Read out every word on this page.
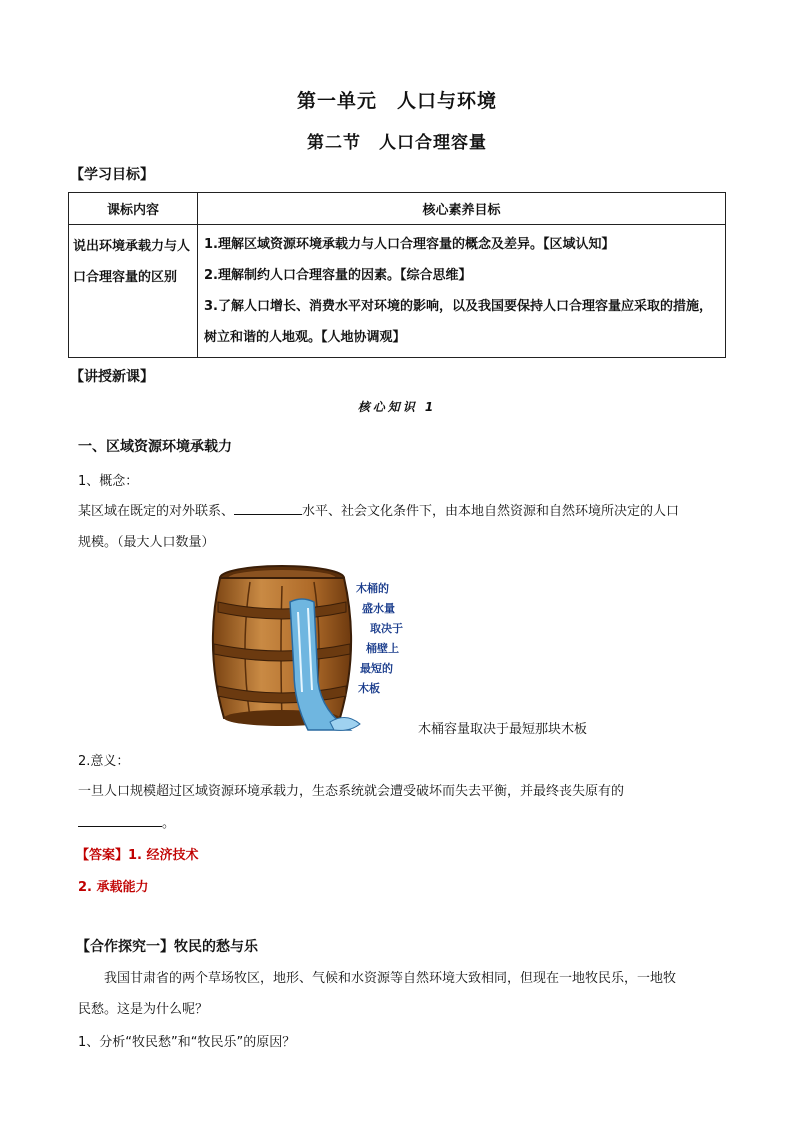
第一单元　人口与环境
第二节　人口合理容量
【学习目标】
课标内容	核心素养目标
说出环境承载力与人口合理容量的区别	1.理解区域资源环境承载力与人口合理容量的概念及差异。【区域认知】
2.理解制约人口合理容量的因素。【综合思维】
3.了解人口增长、消费水平对环境的影响，以及我国要保持人口合理容量应采取的措施，树立和谐的人地观。【人地协调观】
【讲授新课】
核心知识 1
一、区域资源环境承载力
1、概念：
某区域在既定的对外联系、	水平、社会文化条件下，由本地自然资源和自然环境所决定的人口
规模。（最大人口数量）
木桶的
盛水量
取决于
桶壁上
最短的
木板
木桶容量取决于最短那块木板
2.意义：
一旦人口规模超过区域资源环境承载力，生态系统就会遭受破坏而失去平衡，并最终丧失原有的
。
【答案】1. 经济技术
2. 承载能力
【合作探究一】牧民的愁与乐
我国甘肃省的两个草场牧区，地形、气候和水资源等自然环境大致相同，但现在一地牧民乐，一地牧
民愁。这是为什么呢？
1、分析“牧民愁”和“牧民乐”的原因？
